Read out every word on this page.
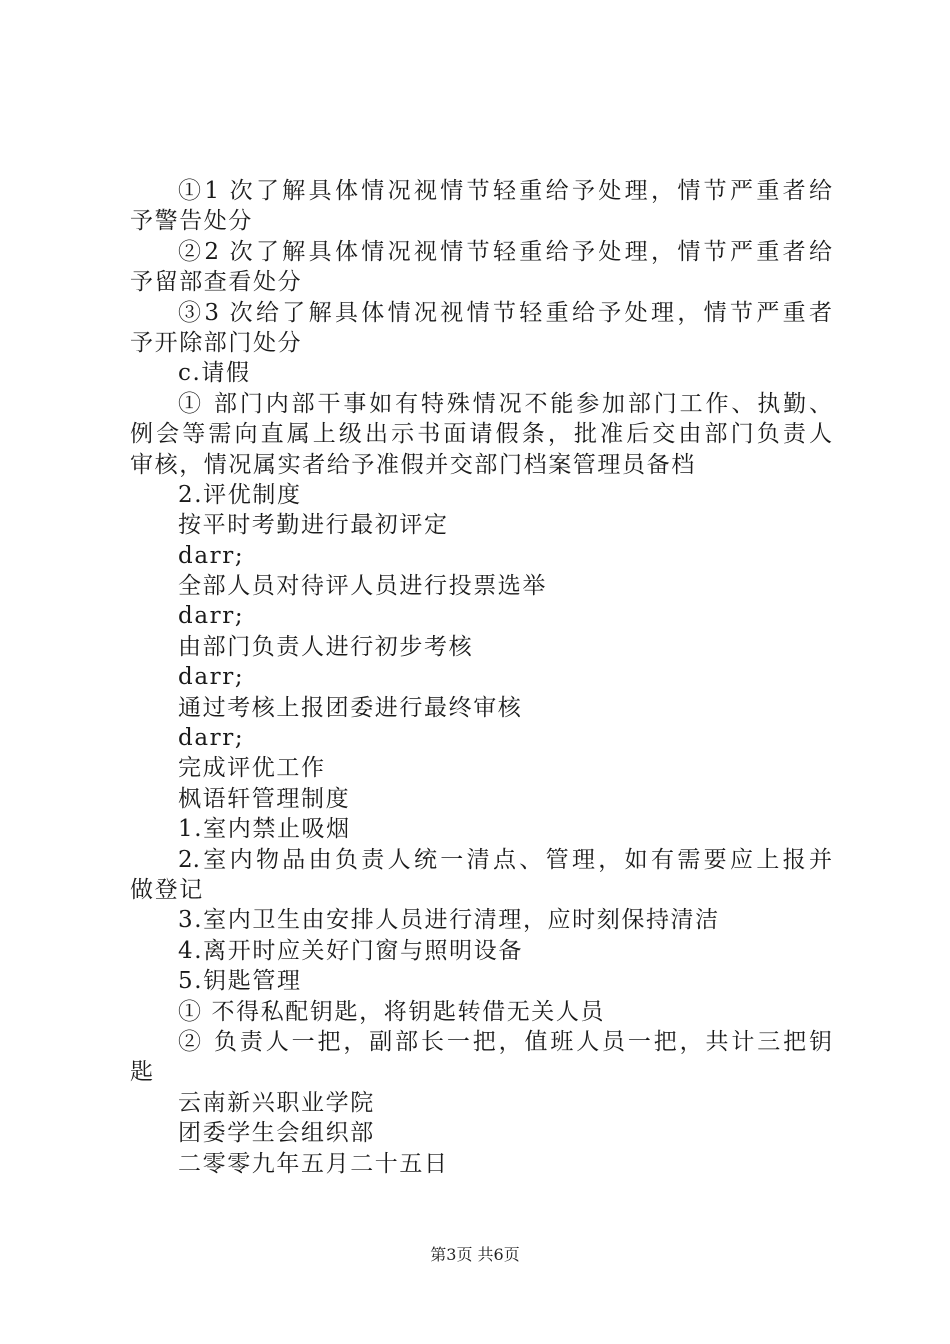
①1 次了解具体情况视情节轻重给予处理，情节严重者给
予警告处分
②2 次了解具体情况视情节轻重给予处理，情节严重者给
予留部查看处分
③3 次给了解具体情况视情节轻重给予处理，情节严重者
予开除部门处分
c.请假
① 部门内部干事如有特殊情况不能参加部门工作、执勤、
例会等需向直属上级出示书面请假条，批准后交由部门负责人
审核，情况属实者给予准假并交部门档案管理员备档
2.评优制度
按平时考勤进行最初评定
darr;
全部人员对待评人员进行投票选举
darr;
由部门负责人进行初步考核
darr;
通过考核上报团委进行最终审核
darr;
完成评优工作
枫语轩管理制度
1.室内禁止吸烟
2.室内物品由负责人统一清点、管理，如有需要应上报并
做登记
3.室内卫生由安排人员进行清理，应时刻保持清洁
4.离开时应关好门窗与照明设备
5.钥匙管理
① 不得私配钥匙，将钥匙转借无关人员
② 负责人一把，副部长一把，值班人员一把，共计三把钥
匙
云南新兴职业学院
团委学生会组织部
二零零九年五月二十五日
第3页 共6页
